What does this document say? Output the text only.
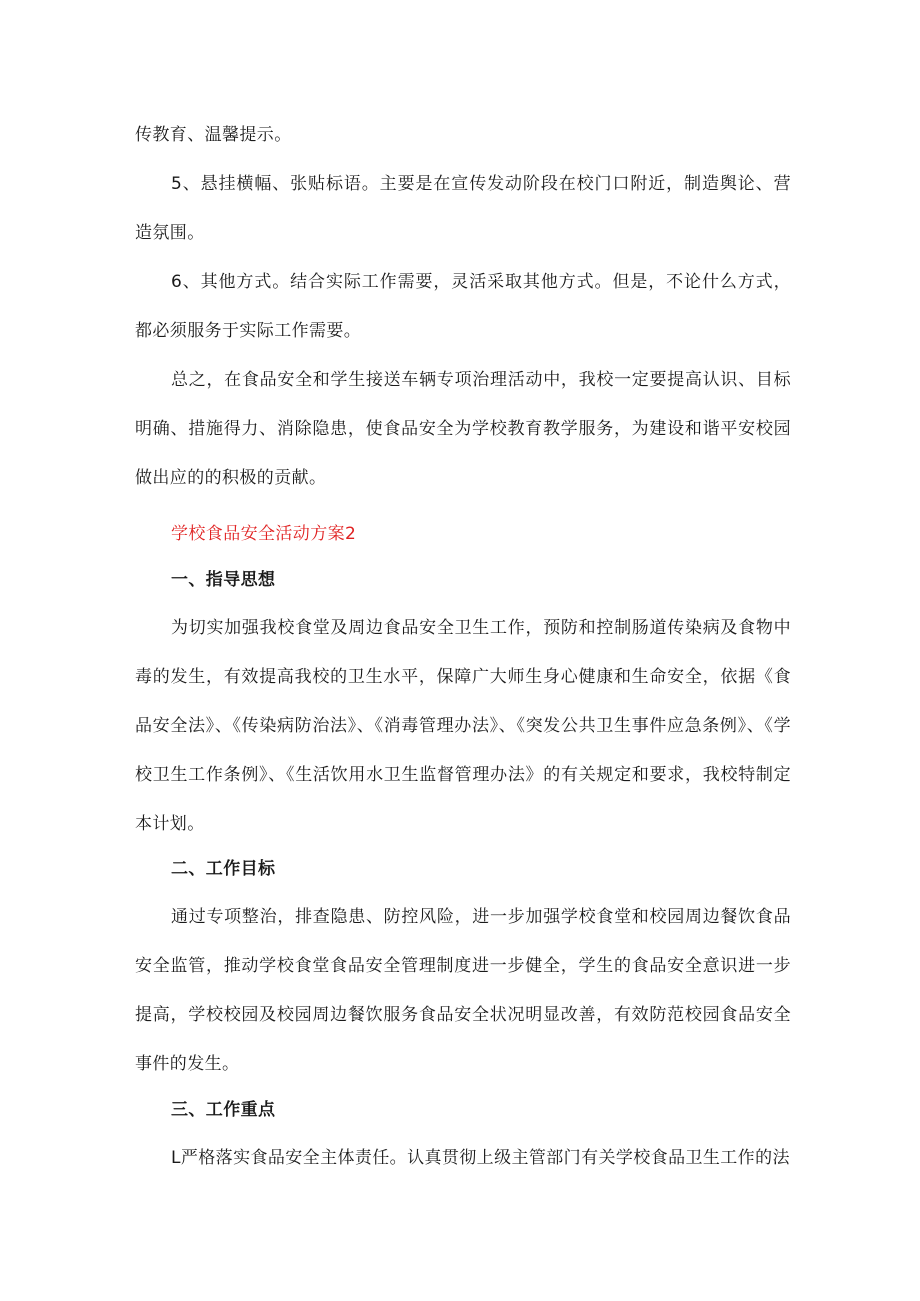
传教育、温馨提示。

5、悬挂横幅、张贴标语。主要是在宣传发动阶段在校门口附近，制造舆论、营造氛围。

6、其他方式。结合实际工作需要，灵活采取其他方式。但是，不论什么方式，都必须服务于实际工作需要。

总之，在食品安全和学生接送车辆专项治理活动中，我校一定要提高认识、目标明确、措施得力、消除隐患，使食品安全为学校教育教学服务，为建设和谐平安校园做出应的的积极的贡献。

学校食品安全活动方案2

一、指导思想

为切实加强我校食堂及周边食品安全卫生工作，预防和控制肠道传染病及食物中毒的发生，有效提高我校的卫生水平，保障广大师生身心健康和生命安全，依据《食品安全法》、《传染病防治法》、《消毒管理办法》、《突发公共卫生事件应急条例》、《学校卫生工作条例》、《生活饮用水卫生监督管理办法》的有关规定和要求，我校特制定本计划。

二、工作目标

通过专项整治，排查隐患、防控风险，进一步加强学校食堂和校园周边餐饮食品安全监管，推动学校食堂食品安全管理制度进一步健全，学生的食品安全意识进一步提高，学校校园及校园周边餐饮服务食品安全状况明显改善，有效防范校园食品安全事件的发生。

三、工作重点

L严格落实食品安全主体责任。认真贯彻上级主管部门有关学校食品卫生工作的法
